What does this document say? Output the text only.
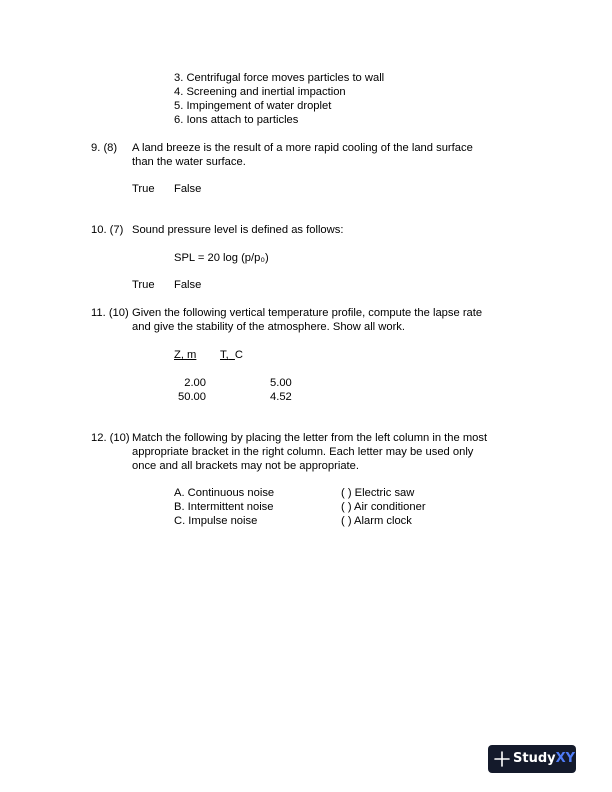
3. Centrifugal force moves particles to wall
4. Screening and inertial impaction
5. Impingement of water droplet
6. Ions attach to particles
9. (8) A land breeze is the result of a more rapid cooling of the land surface
than the water surface.
True False
10. (7) Sound pressure level is defined as follows:
SPL = 20 log (p/p₀)
True False
11. (10) Given the following vertical temperature profile, compute the lapse rate
and give the stability of the atmosphere. Show all work.
Z, m T, C
2.00	5.00
50.00	4.52
12. (10) Match the following by placing the letter from the left column in the most
appropriate bracket in the right column. Each letter may be used only
once and all brackets may not be appropriate.
A. Continuous noise
B. Intermittent noise
C. Impulse noise
( ) Electric saw
( ) Air conditioner
( ) Alarm clock
StudyXY
